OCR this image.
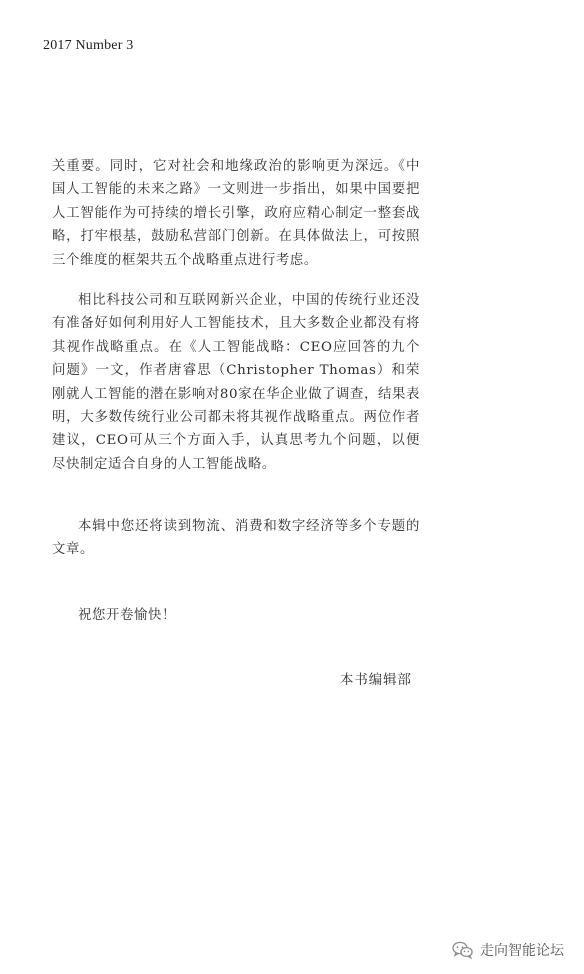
2017 Number 3

关重要。同时，它对社会和地缘政治的影响更为深远。《中国人工智能的未来之路》一文则进一步指出，如果中国要把人工智能作为可持续的增长引擎，政府应精心制定一整套战略，打牢根基，鼓励私营部门创新。在具体做法上，可按照三个维度的框架共五个战略重点进行考虑。

相比科技公司和互联网新兴企业，中国的传统行业还没有准备好如何利用好人工智能技术，且大多数企业都没有将其视作战略重点。在《人工智能战略：CEO应回答的九个问题》一文，作者唐睿思（Christopher Thomas）和荣刚就人工智能的潜在影响对80家在华企业做了调查，结果表明，大多数传统行业公司都未将其视作战略重点。两位作者建议，CEO可从三个方面入手，认真思考九个问题，以便尽快制定适合自身的人工智能战略。

本辑中您还将读到物流、消费和数字经济等多个专题的文章。

祝您开卷愉快！

本书编辑部
走向智能论坛
